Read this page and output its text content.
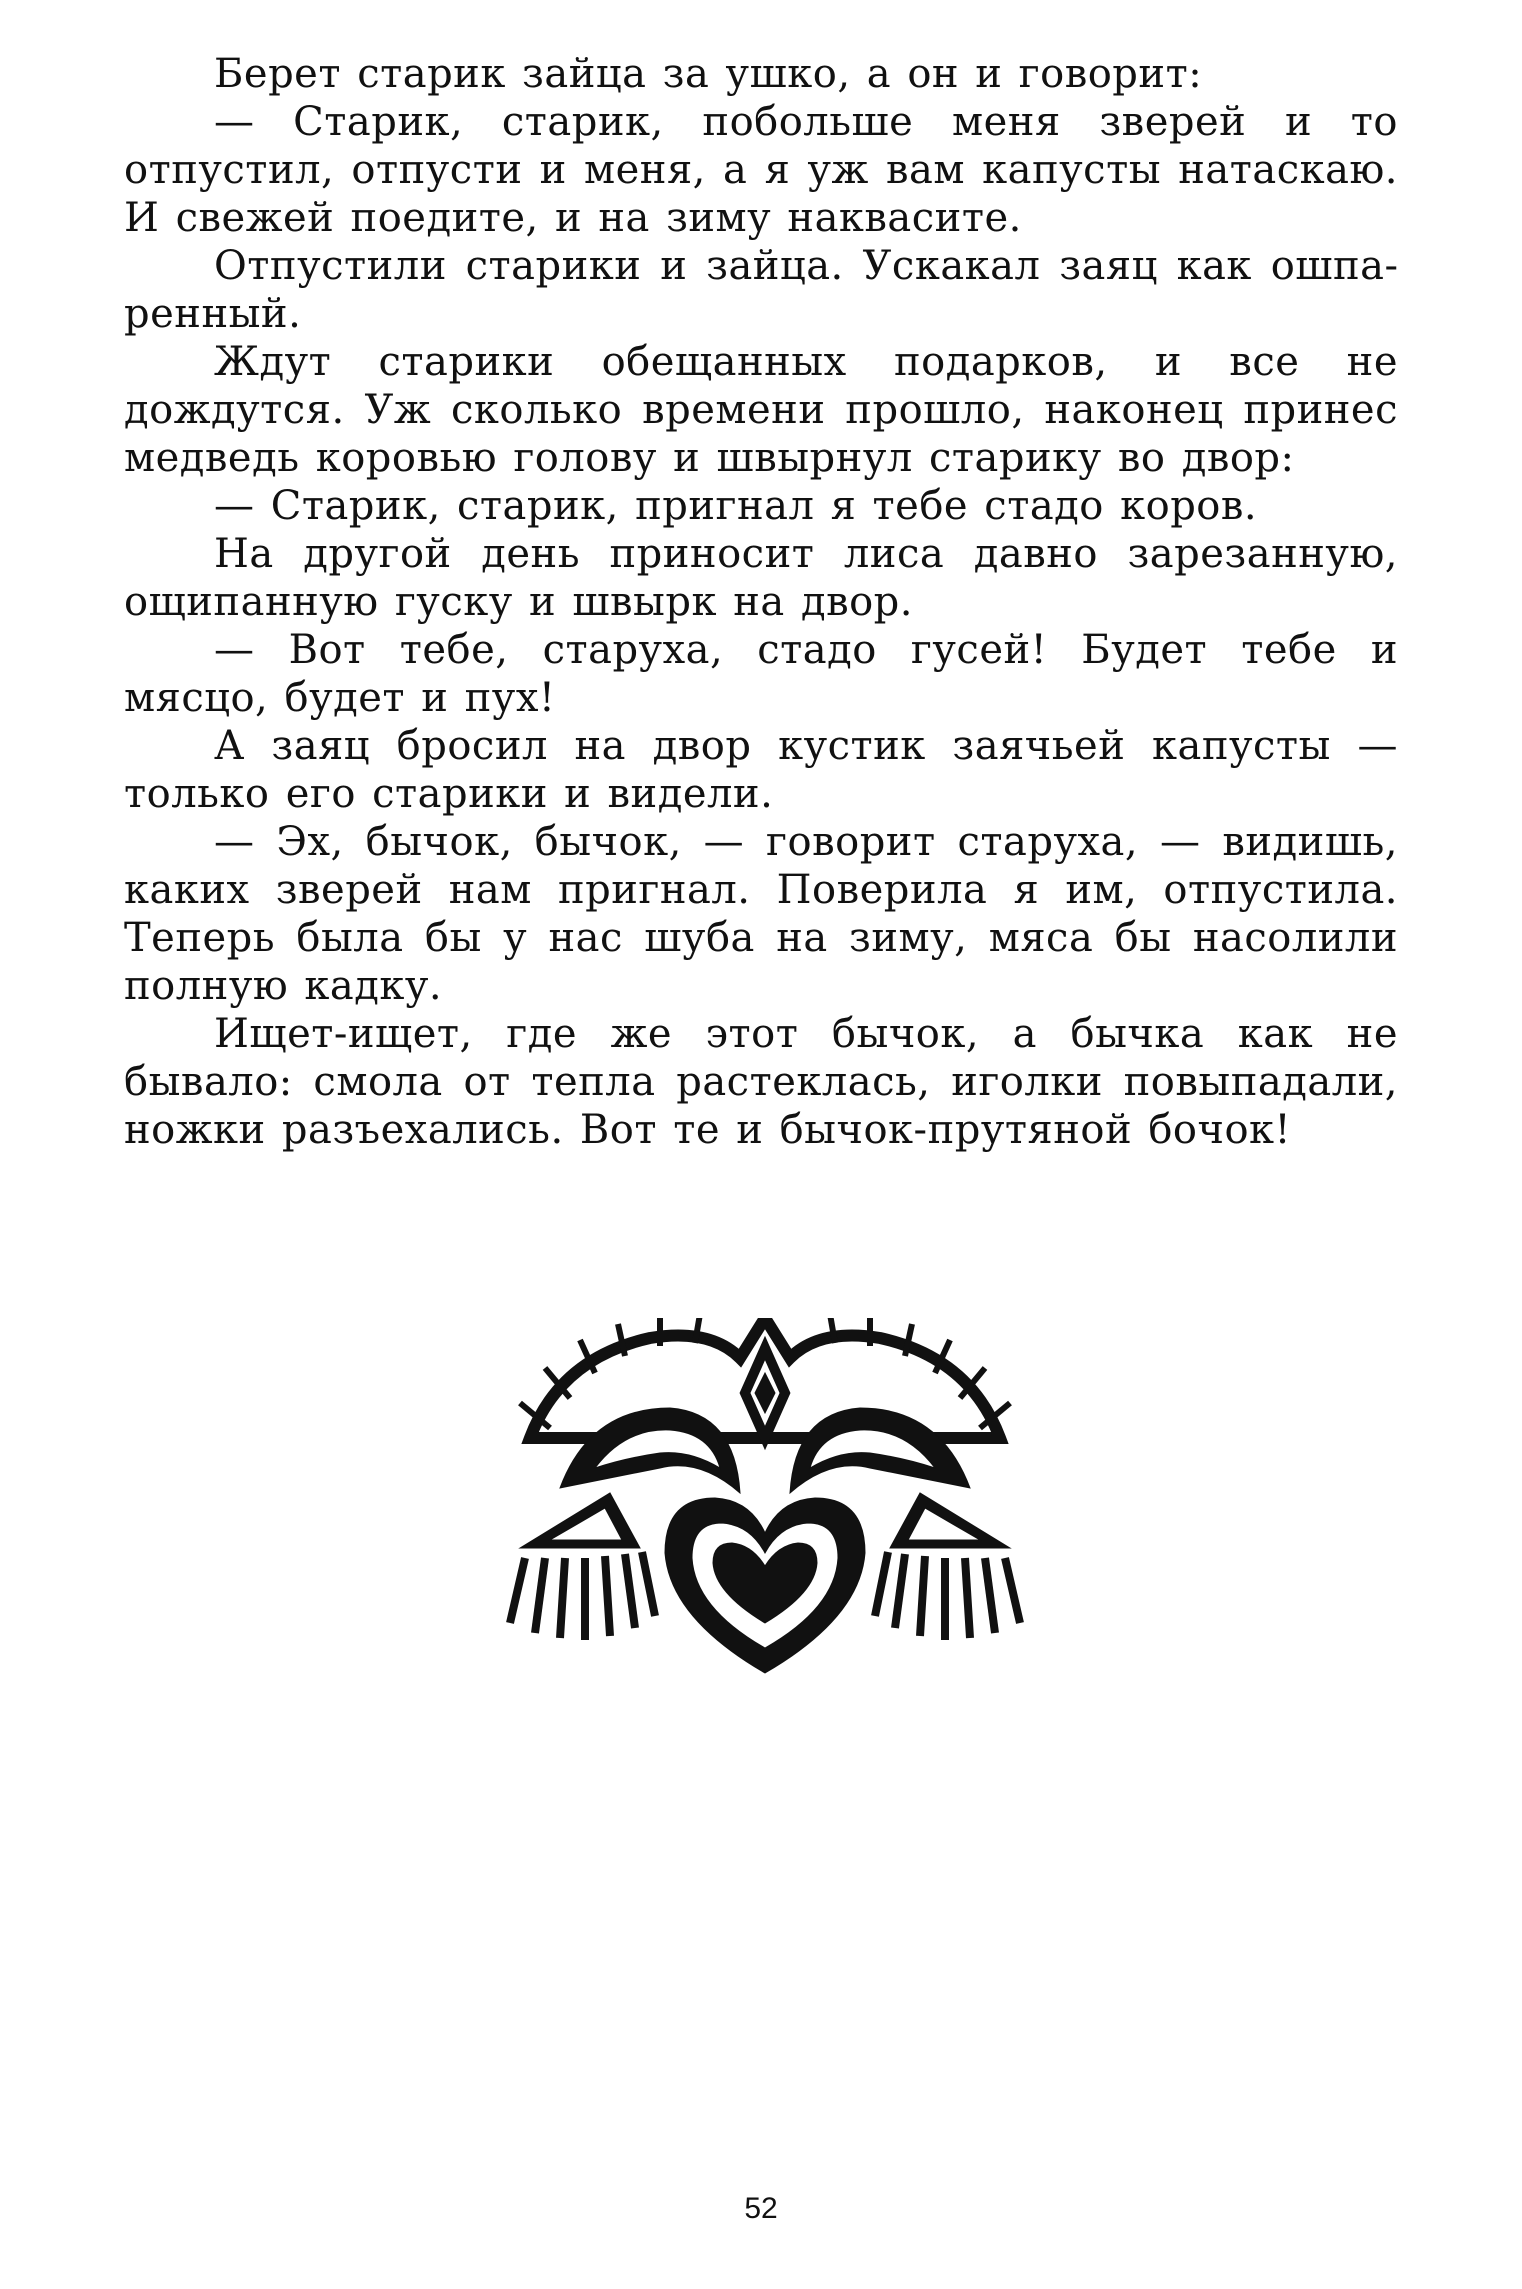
Берет старик зайца за ушко, а он и говорит:

— Старик, старик, побольше меня зверей и то отпустил, отпусти и меня, а я уж вам капусты натаскаю. И свежей поедите, и на зиму наквасите.

Отпустили старики и зайца. Ускакал заяц как ошпаренный.

Ждут старики обещанных подарков, и все не дождутся. Уж сколько времени прошло, наконец принес медведь коровью голову и швырнул старику во двор:

— Старик, старик, пригнал я тебе стадо коров.

На другой день приносит лиса давно зарезанную, ощипанную гуску и швырк на двор.

— Вот тебе, старуха, стадо гусей! Будет тебе и мясцо, будет и пух!

А заяц бросил на двор кустик заячьей капусты — только его старики и видели.

— Эх, бычок, бычок, — говорит старуха, — видишь, каких зверей нам пригнал. Поверила я им, отпустила. Теперь была бы у нас шуба на зиму, мяса бы насолили полную кадку.

Ищет-ищет, где же этот бычок, а бычка как не бывало: смола от тепла растеклась, иголки повыпадали, ножки разъехались. Вот те и бычок-прутяной бочок!

52
